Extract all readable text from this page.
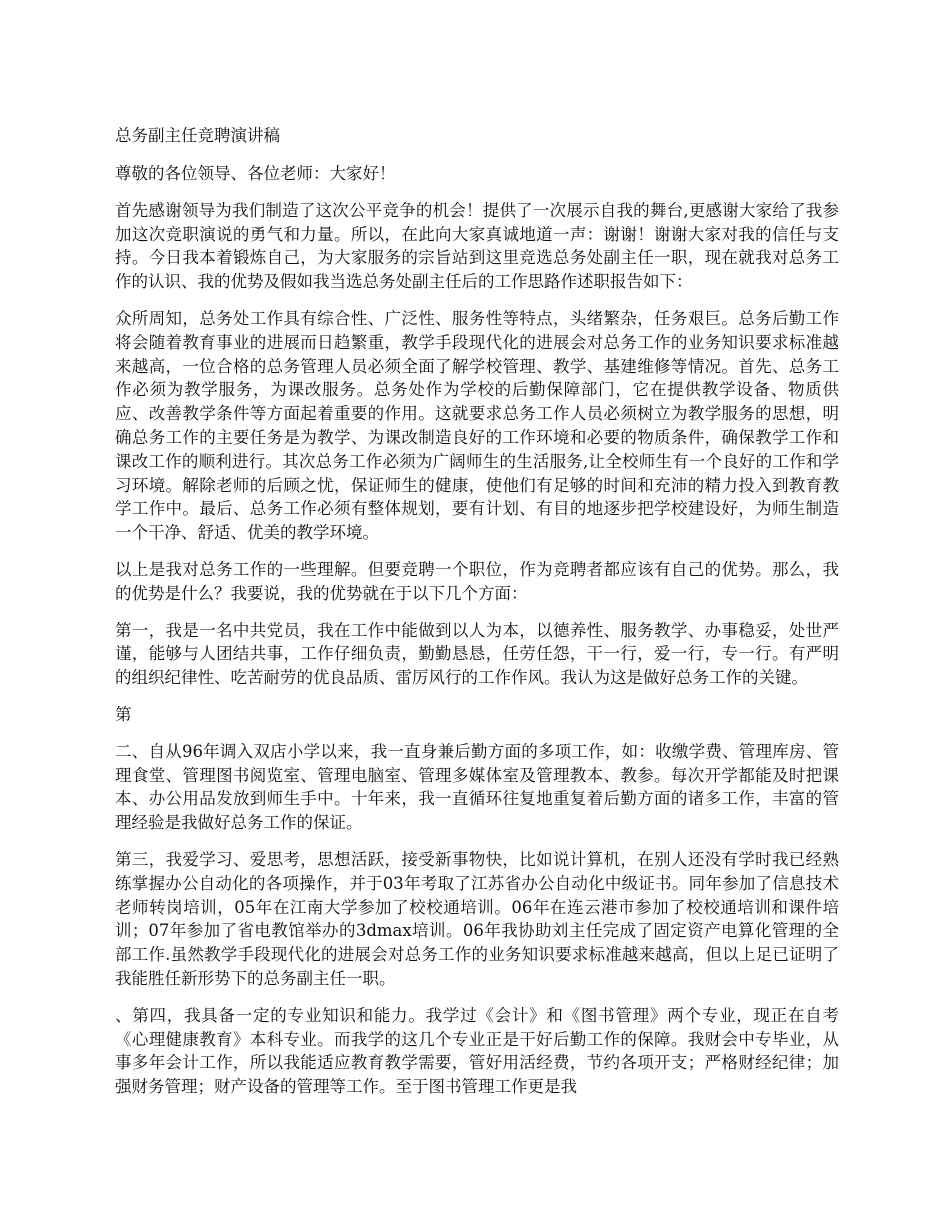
总务副主任竞聘演讲稿

尊敬的各位领导、各位老师：大家好！

首先感谢领导为我们制造了这次公平竞争的机会！提供了一次展示自我的舞台,更感谢大家给了我参加这次竞职演说的勇气和力量。所以，在此向大家真诚地道一声：谢谢！谢谢大家对我的信任与支持。今日我本着锻炼自己，为大家服务的宗旨站到这里竞选总务处副主任一职，现在就我对总务工作的认识、我的优势及假如我当选总务处副主任后的工作思路作述职报告如下：

众所周知，总务处工作具有综合性、广泛性、服务性等特点，头绪繁杂，任务艰巨。总务后勤工作将会随着教育事业的进展而日趋繁重，教学手段现代化的进展会对总务工作的业务知识要求标准越来越高，一位合格的总务管理人员必须全面了解学校管理、教学、基建维修等情况。首先、总务工作必须为教学服务，为课改服务。总务处作为学校的后勤保障部门，它在提供教学设备、物质供应、改善教学条件等方面起着重要的作用。这就要求总务工作人员必须树立为教学服务的思想，明确总务工作的主要任务是为教学、为课改制造良好的工作环境和必要的物质条件，确保教学工作和课改工作的顺利进行。其次总务工作必须为广阔师生的生活服务,让全校师生有一个良好的工作和学习环境。解除老师的后顾之忧，保证师生的健康，使他们有足够的时间和充沛的精力投入到教育教学工作中。最后、总务工作必须有整体规划，要有计划、有目的地逐步把学校建设好，为师生制造一个干净、舒适、优美的教学环境。

以上是我对总务工作的一些理解。但要竞聘一个职位，作为竞聘者都应该有自己的优势。那么，我的优势是什么？我要说，我的优势就在于以下几个方面：

第一，我是一名中共党员，我在工作中能做到以人为本，以德养性、服务教学、办事稳妥，处世严谨，能够与人团结共事，工作仔细负责，勤勤恳恳，任劳任怨，干一行，爱一行，专一行。有严明的组织纪律性、吃苦耐劳的优良品质、雷厉风行的工作作风。我认为这是做好总务工作的关键。

第

二、自从96年调入双店小学以来，我一直身兼后勤方面的多项工作，如：收缴学费、管理库房、管理食堂、管理图书阅览室、管理电脑室、管理多媒体室及管理教本、教参。每次开学都能及时把课本、办公用品发放到师生手中。十年来，我一直循环往复地重复着后勤方面的诸多工作，丰富的管理经验是我做好总务工作的保证。

第三，我爱学习、爱思考，思想活跃，接受新事物快，比如说计算机，在别人还没有学时我已经熟练掌握办公自动化的各项操作，并于03年考取了江苏省办公自动化中级证书。同年参加了信息技术老师转岗培训，05年在江南大学参加了校校通培训。06年在连云港市参加了校校通培训和课件培训；07年参加了省电教馆举办的3dmax培训。06年我协助刘主任完成了固定资产电算化管理的全部工作.虽然教学手段现代化的进展会对总务工作的业务知识要求标准越来越高，但以上足已证明了我能胜任新形势下的总务副主任一职。

、第四，我具备一定的专业知识和能力。我学过《会计》和《图书管理》两个专业，现正在自考《心理健康教育》本科专业。而我学的这几个专业正是干好后勤工作的保障。我财会中专毕业，从事多年会计工作，所以我能适应教育教学需要，管好用活经费，节约各项开支；严格财经纪律；加强财务管理；财产设备的管理等工作。至于图书管理工作更是我
